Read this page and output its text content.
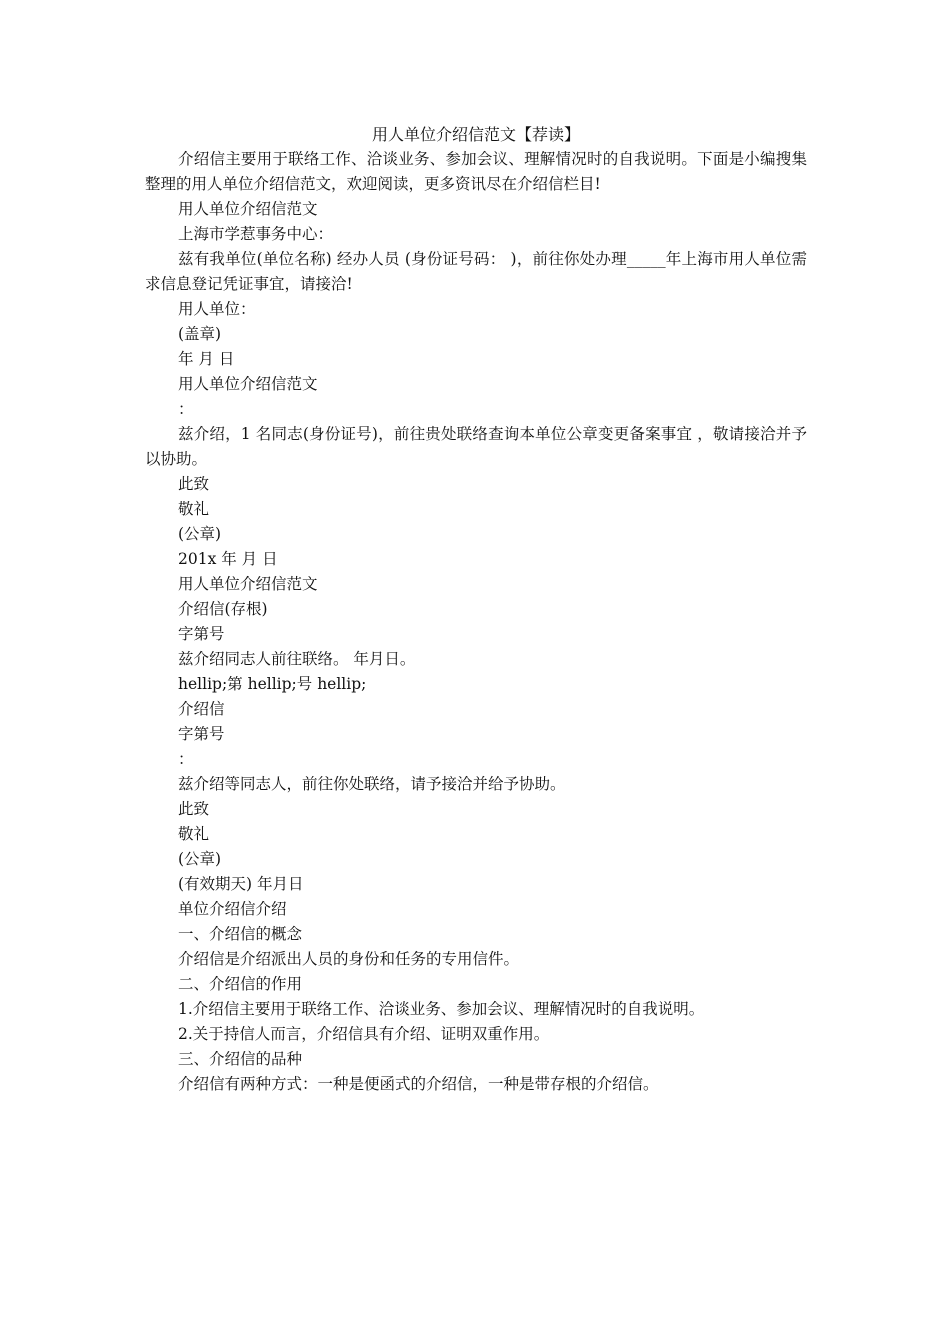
用人单位介绍信范文【荐读】
介绍信主要用于联络工作、洽谈业务、参加会议、理解情况时的自我说明。下面是小编搜集整理的用人单位介绍信范文，欢迎阅读，更多资讯尽在介绍信栏目!
用人单位介绍信范文
上海市学惹事务中心：
兹有我单位(单位名称) 经办人员 (身份证号码： )，前往你处办理_____年上海市用人单位需求信息登记凭证事宜，请接洽!
用人单位：
(盖章)
年 月 日
用人单位介绍信范文
：
兹介绍，1 名同志(身份证号)，前往贵处联络查询本单位公章变更备案事宜 ，敬请接洽并予以协助。
此致
敬礼
(公章)
201x 年 月 日
用人单位介绍信范文
介绍信(存根)
字第号
兹介绍同志人前往联络。 年月日。
hellip;第 hellip;号 hellip;
介绍信
字第号
：
兹介绍等同志人，前往你处联络，请予接洽并给予协助。
此致
敬礼
(公章)
(有效期天) 年月日
单位介绍信介绍
一、介绍信的概念
介绍信是介绍派出人员的身份和任务的专用信件。
二、介绍信的作用
1.介绍信主要用于联络工作、洽谈业务、参加会议、理解情况时的自我说明。
2.关于持信人而言，介绍信具有介绍、证明双重作用。
三、介绍信的品种
介绍信有两种方式：一种是便函式的介绍信，一种是带存根的介绍信。
